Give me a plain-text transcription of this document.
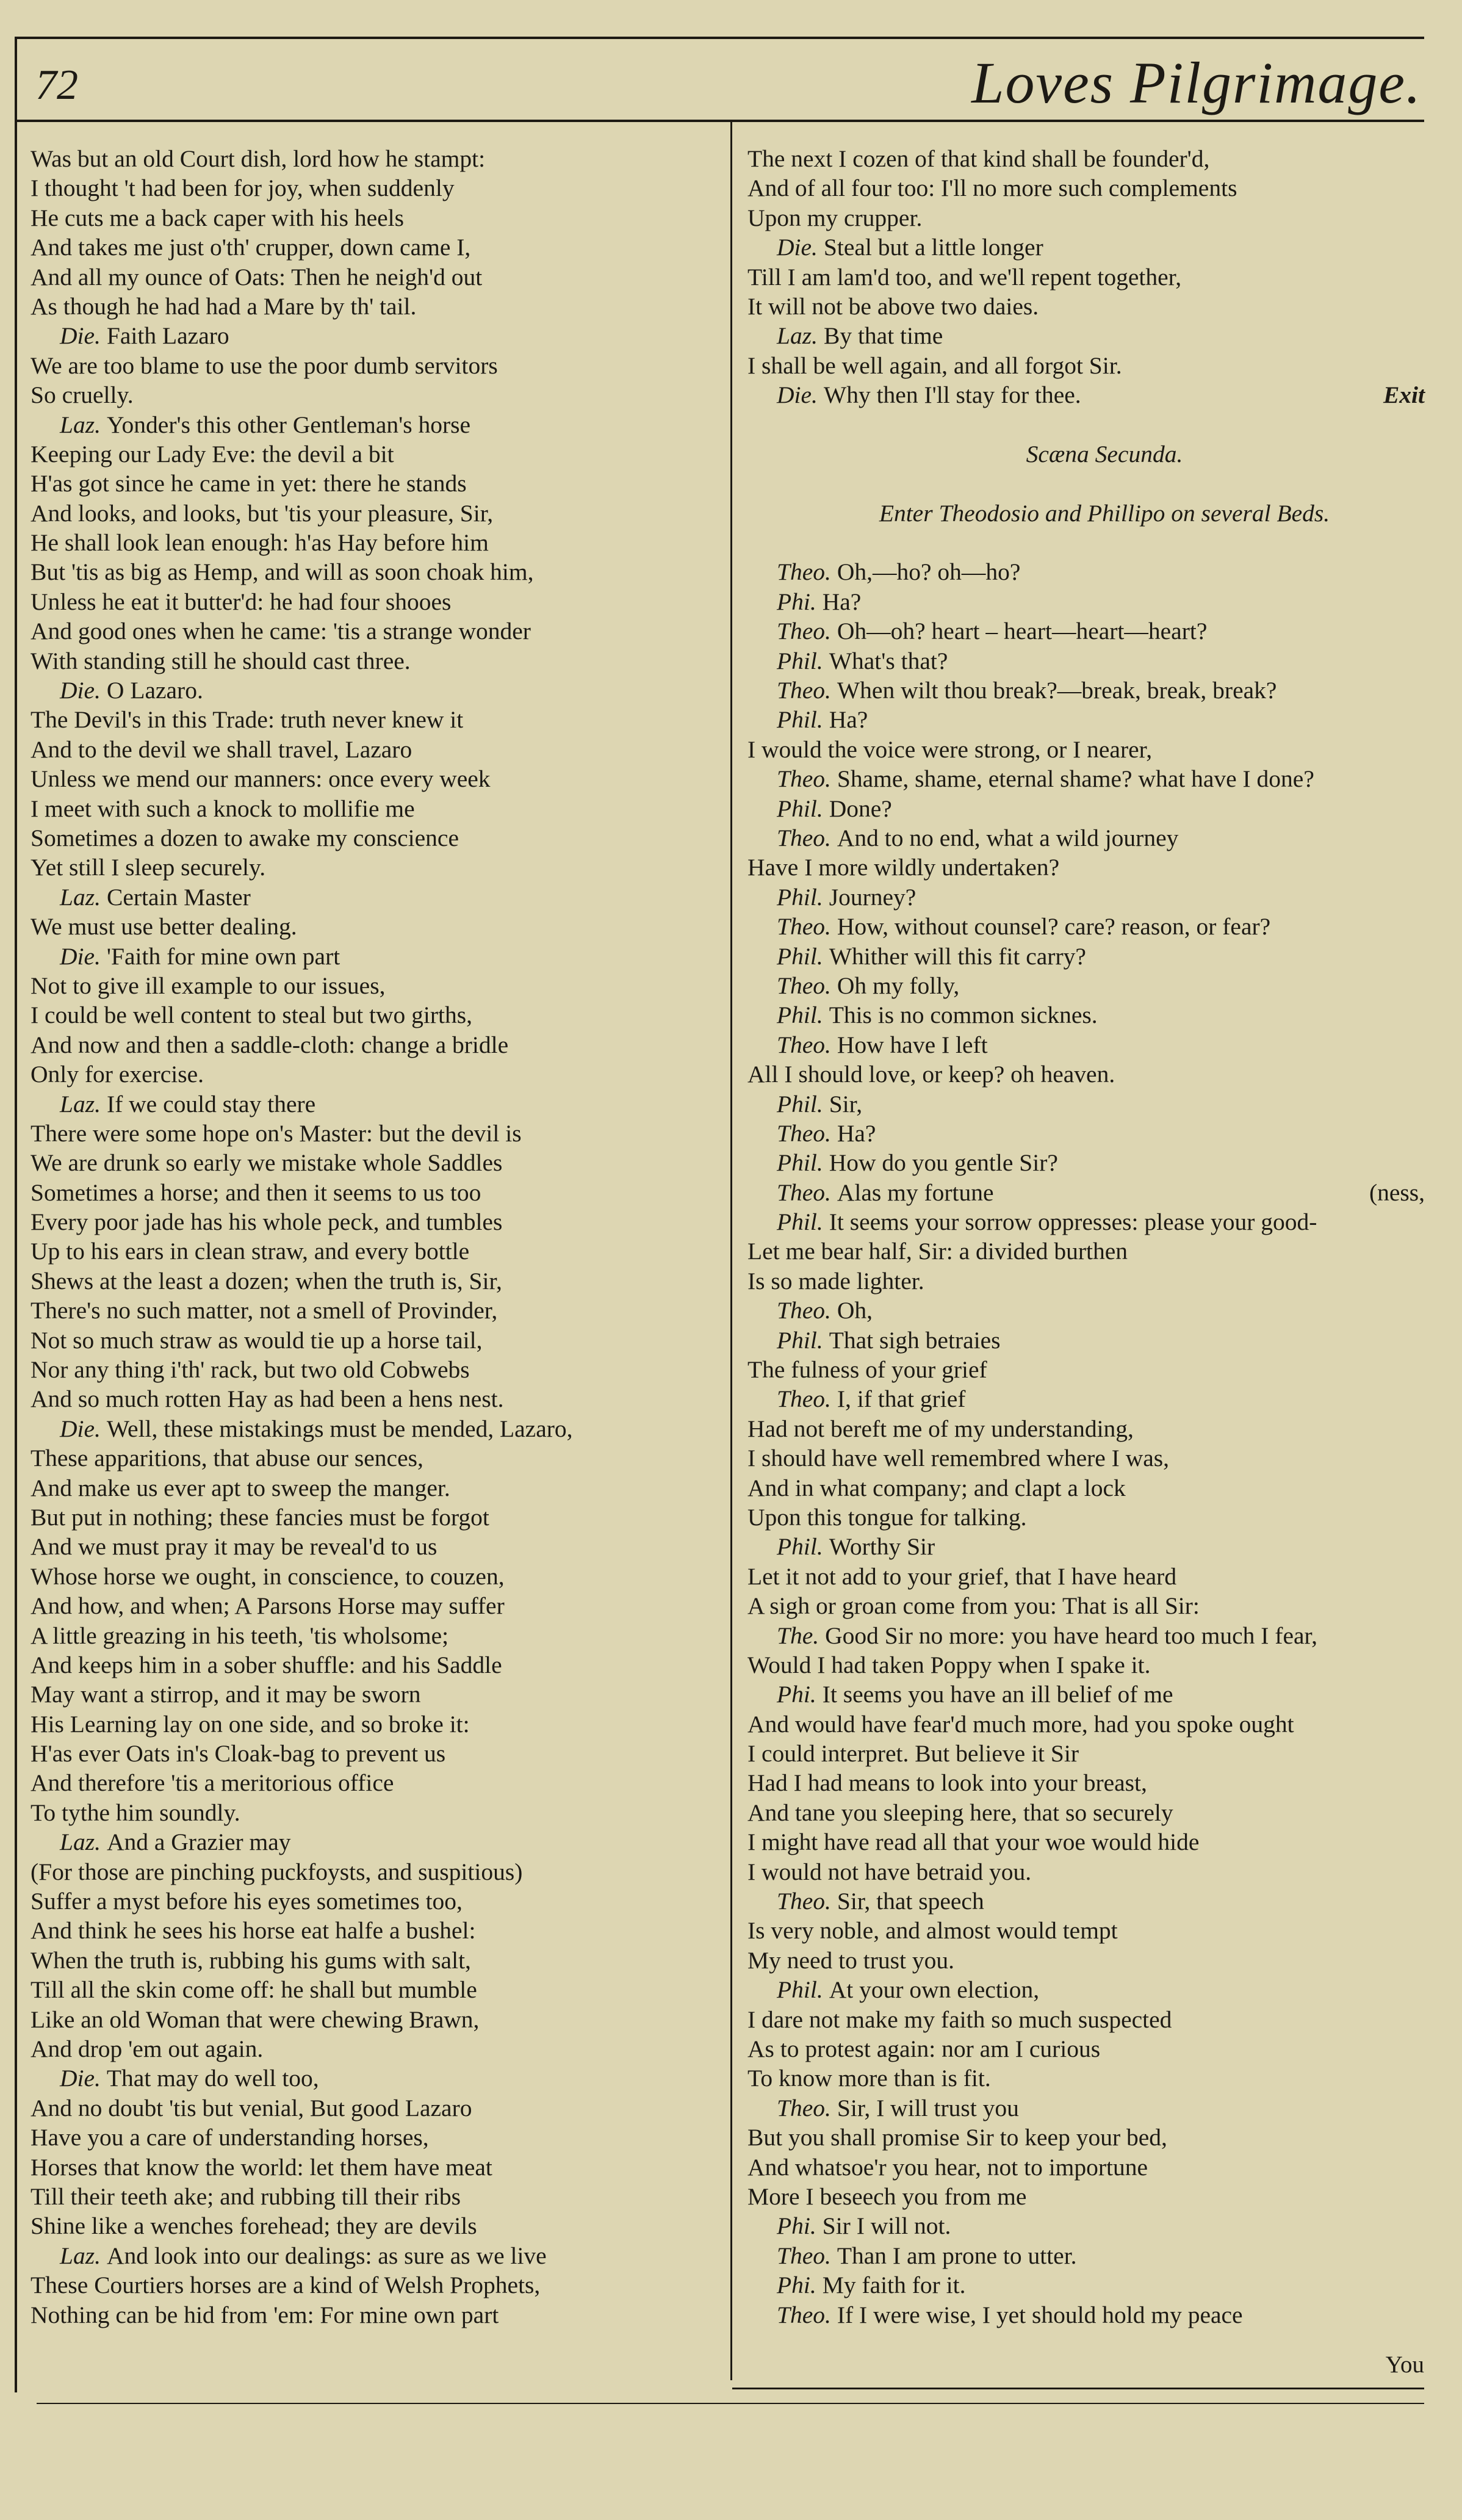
72	Loves Pilgrimage.
Was but an old Court dish, lord how he stampt:
I thought 't had been for joy, when suddenly
He cuts me a back caper with his heels
And takes me just o'th' crupper, down came I,
And all my ounce of Oats: Then he neigh'd out
As though he had had a Mare by th' tail.
Die. Faith Lazaro
We are too blame to use the poor dumb servitors
So cruelly.
Laz. Yonder's this other Gentleman's horse
Keeping our Lady Eve: the devil a bit
H'as got since he came in yet: there he stands
And looks, and looks, but 'tis your pleasure, Sir,
He shall look lean enough: h'as Hay before him
But 'tis as big as Hemp, and will as soon choak him,
Unless he eat it butter'd: he had four shooes
And good ones when he came: 'tis a strange wonder
With standing still he should cast three.
Die. O Lazaro.
The Devil's in this Trade: truth never knew it
And to the devil we shall travel, Lazaro
Unless we mend our manners: once every week
I meet with such a knock to mollifie me
Sometimes a dozen to awake my conscience
Yet still I sleep securely.
Laz. Certain Master
We must use better dealing.
Die. 'Faith for mine own part
Not to give ill example to our issues,
I could be well content to steal but two girths,
And now and then a saddle-cloth: change a bridle
Only for exercise.
Laz. If we could stay there
There were some hope on's Master: but the devil is
We are drunk so early we mistake whole Saddles
Sometimes a horse; and then it seems to us too
Every poor jade has his whole peck, and tumbles
Up to his ears in clean straw, and every bottle
Shews at the least a dozen; when the truth is, Sir,
There's no such matter, not a smell of Provinder,
Not so much straw as would tie up a horse tail,
Nor any thing i'th' rack, but two old Cobwebs
And so much rotten Hay as had been a hens nest.
Die. Well, these mistakings must be mended, Lazaro,
These apparitions, that abuse our sences,
And make us ever apt to sweep the manger.
But put in nothing; these fancies must be forgot
And we must pray it may be reveal'd to us
Whose horse we ought, in conscience, to couzen,
And how, and when; A Parsons Horse may suffer
A little greazing in his teeth, 'tis wholsome;
And keeps him in a sober shuffle: and his Saddle
May want a stirrop, and it may be sworn
His Learning lay on one side, and so broke it:
H'as ever Oats in's Cloak-bag to prevent us
And therefore 'tis a meritorious office
To tythe him soundly.
Laz. And a Grazier may
(For those are pinching puckfoysts, and suspitious)
Suffer a myst before his eyes sometimes too,
And think he sees his horse eat halfe a bushel:
When the truth is, rubbing his gums with salt,
Till all the skin come off: he shall but mumble
Like an old Woman that were chewing Brawn,
And drop 'em out again.
Die. That may do well too,
And no doubt 'tis but venial, But good Lazaro
Have you a care of understanding horses,
Horses that know the world: let them have meat
Till their teeth ake; and rubbing till their ribs
Shine like a wenches forehead; they are devils
Laz. And look into our dealings: as sure as we live
These Courtiers horses are a kind of Welsh Prophets,
Nothing can be hid from 'em: For mine own part
The next I cozen of that kind shall be founder'd,
And of all four too: I'll no more such complements
Upon my crupper.
Die. Steal but a little longer
Till I am lam'd too, and we'll repent together,
It will not be above two daies.
Laz. By that time
I shall be well again, and all forgot Sir.
Die. Why then I'll stay for thee.	Exit
Scæna Secunda.
Enter Theodosio and Phillipo on several Beds.
Theo. Oh,—ho? oh—ho?
Phi. Ha?
Theo. Oh—oh? heart – heart—heart—heart?
Phil. What's that?
Theo. When wilt thou break?—break, break, break?
Phil. Ha?
I would the voice were strong, or I nearer,
Theo. Shame, shame, eternal shame? what have I done?
Phil. Done?
Theo. And to no end, what a wild journey
Have I more wildly undertaken?
Phil. Journey?
Theo. How, without counsel? care? reason, or fear?
Phil. Whither will this fit carry?
Theo. Oh my folly,
Phil. This is no common sicknes.
Theo. How have I left
All I should love, or keep? oh heaven.
Phil. Sir,
Theo. Ha?
Phil. How do you gentle Sir?
Theo. Alas my fortune	(ness,
Phil. It seems your sorrow oppresses: please your good-
Let me bear half, Sir: a divided burthen
Is so made lighter.
Theo. Oh,
Phil. That sigh betraies
The fulness of your grief
Theo. I, if that grief
Had not bereft me of my understanding,
I should have well remembred where I was,
And in what company; and clapt a lock
Upon this tongue for talking.
Phil. Worthy Sir
Let it not add to your grief, that I have heard
A sigh or groan come from you: That is all Sir:
The. Good Sir no more: you have heard too much I fear,
Would I had taken Poppy when I spake it.
Phi. It seems you have an ill belief of me
And would have fear'd much more, had you spoke ought
I could interpret. But believe it Sir
Had I had means to look into your breast,
And tane you sleeping here, that so securely
I might have read all that your woe would hide
I would not have betraid you.
Theo. Sir, that speech
Is very noble, and almost would tempt
My need to trust you.
Phil. At your own election,
I dare not make my faith so much suspected
As to protest again: nor am I curious
To know more than is fit.
Theo. Sir, I will trust you
But you shall promise Sir to keep your bed,
And whatsoe'r you hear, not to importune
More I beseech you from me
Phi. Sir I will not.
Theo. Than I am prone to utter.
Phi. My faith for it.
Theo. If I were wise, I yet should hold my peace
You
